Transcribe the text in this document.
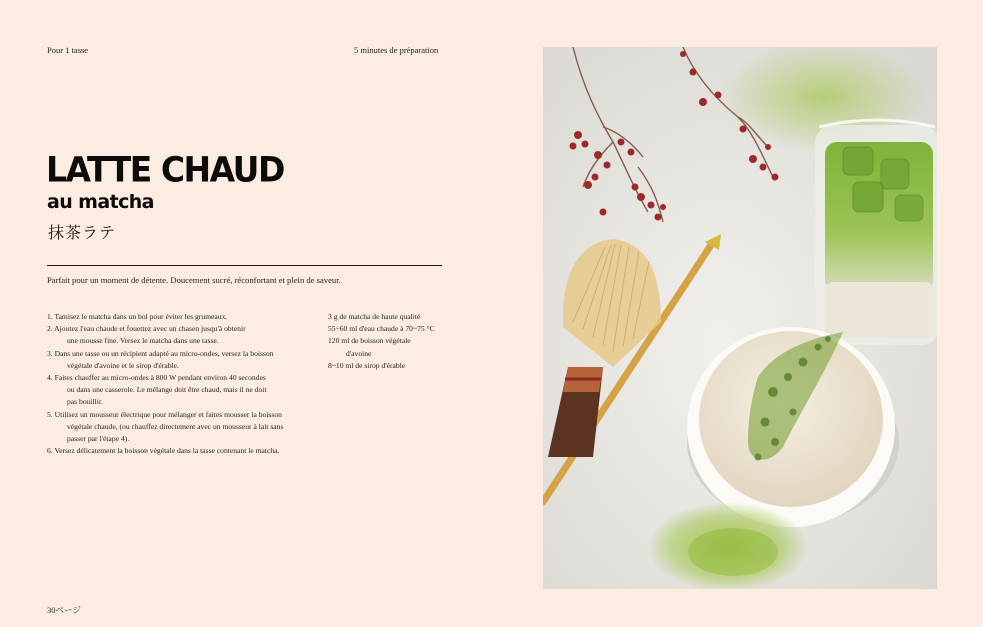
Pour 1 tasse	5 minutes de préparation
LATTE CHAUD
au matcha
抹茶ラテ
Parfait pour un moment de détente. Doucement sucré, réconfortant et plein de saveur.
1. Tamisez le matcha dans un bol pour éviter les grumeaux.
2. Ajoutez l'eau chaude et fouettez avec un chasen jusqu'à obtenir
une mousse fine. Versez le matcha dans une tasse.
3. Dans une tasse ou un récipient adapté au micro-ondes, versez la boisson
végétale d'avoine et le sirop d'érable.
4. Faites chauffer au micro-ondes à 800 W pendant environ 40 secondes
ou dans une casserole. Le mélange doit être chaud, mais il ne doit
pas bouillir.
5. Utilisez un mousseur électrique pour mélanger et faites mousser la boisson
végétale chaude, (ou chauffez directement avec un mousseur à lait sans
passer par l'étape 4).
6. Versez délicatement la boisson végétale dans la tasse contenant le matcha.
3 g de matcha de haute qualité
55~60 ml d'eau chaude à 70~75 °C
120 ml de boisson végétale
d'avoine
8~10 ml de sirop d'érable
30ページ
